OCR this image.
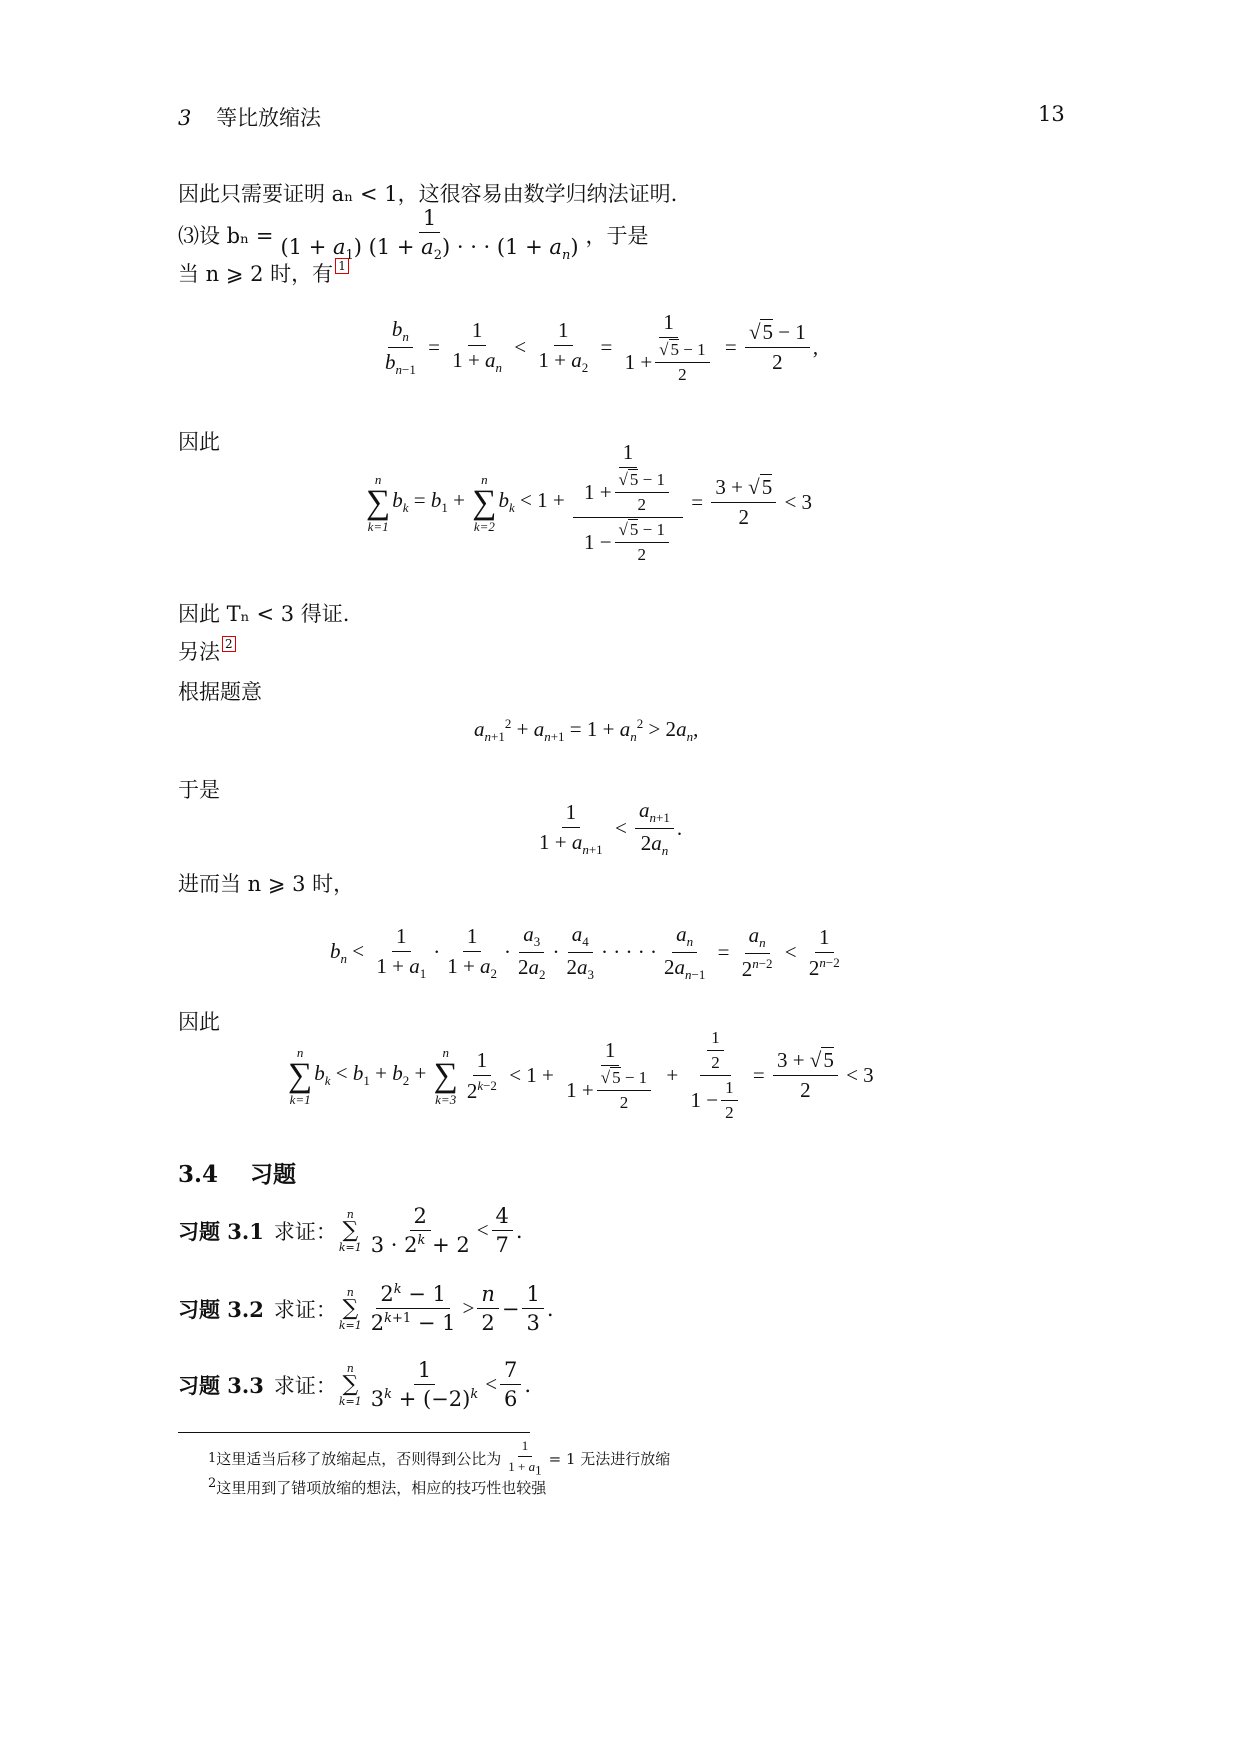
3 等比放缩法	13
因此只需要证明 aₙ < 1，这很容易由数学归纳法证明.
⑶设 $b_n = \frac{1}{(1 + a_1) (1 + a_2) \cdot \cdot \cdot (1 + a_n)}$ ，于是
当 n ⩾ 2 时，有 1
$\frac{b_n}{b_{n-1}} = \frac{1}{1 + a_n} < \frac{1}{1 + a_2} = \frac{1}{1 + \frac{√ 5 - 1}{2}} = \frac{√5 - 1}{2}$ ,
因此
n
∑
k=1
$b_k = b_1$ +
n
∑
k=2
$b_k < 1 + \frac{\frac{1}{1 + \frac{√ 5 - 1}{2}}}{1 - \frac{√ 5 - 1}{2}} = \frac{3 + √5}{2} < 3$
因此 Tₙ < 3 得证.
另法 2
根据题意
$a_{n+1}^2 + a_{n+1} = 1 + a_n^2 > 2a_n$,
于是
$\frac{1}{1 + a_{n+1}} < \frac{a_{n+1}}{2a_n}$ .
进而当 n ⩾ 3 时，
$b_n < \frac{1}{1 + a_1} \cdot \frac{1}{1 + a_2} \cdot \frac{a_3}{2a_2} \cdot \frac{a_4}{2a_3}$ · · · · · $\frac{a_n}{2a_{n-1}} = \frac{a_n}{2^{n-2}} < \frac{1}{2^{n-2}}$
因此
n
∑
k=1
$b_k < b_1 + b_2$ +
n
∑
$k=3 \frac{1}{2^{k-2}} < 1 + \frac{1}{1 + \frac{√ 5 - 1}{2}} + \frac{\frac{1}{2}}{1 - \frac{1}{2}} = \frac{3 + √5}{2} < 3$
3.4 习题
习题 3.1 求证：
n
∑
$k=1 \frac{2}{3 \cdot 2^k + 2} < \frac{4}{7}$ .
习题 3.2 求证：
n
∑
$k=1 \frac{2^k - 1}{2^{k+1} - 1} > \frac{n}{2} - \frac{1}{3}$ .
习题 3.3 求证：
n
∑
$k=1 \frac{1}{3^k + (-2)^k} < \frac{7}{6}$ .
1 这里适当后移了放缩起点，否则得到公比为 $\frac{1}{1 + a_1} = 1$ 无法进行放缩
$^2$这里用到了错项放缩的想法，相应的技巧性也较强
